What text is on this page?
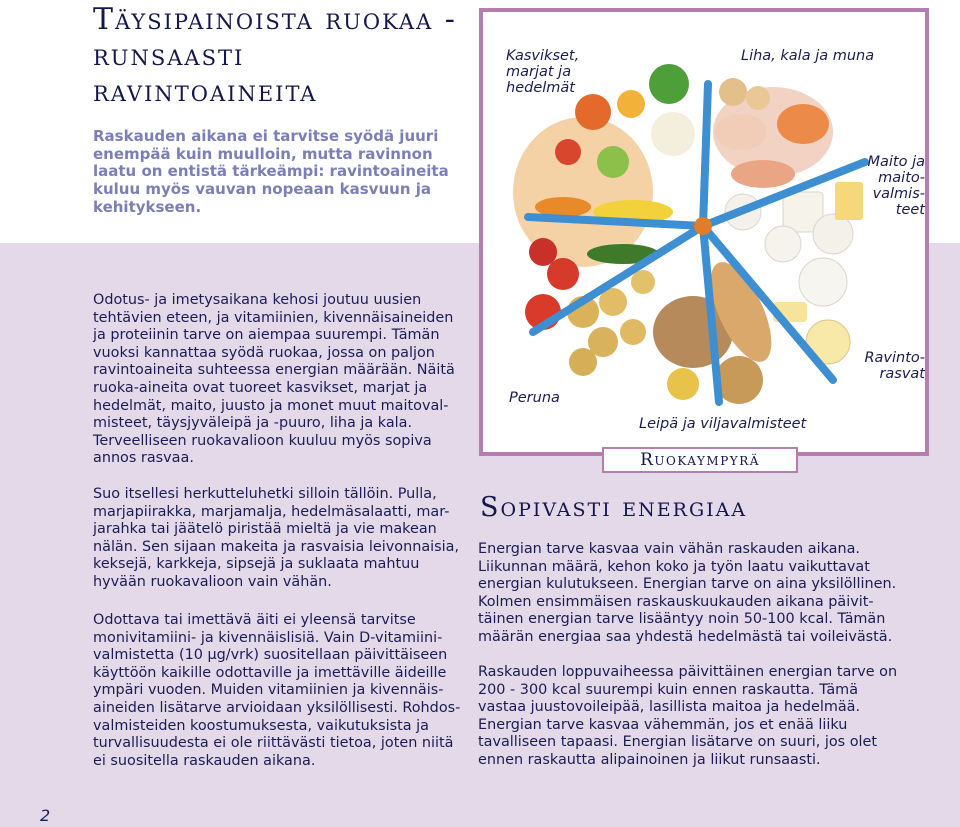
Täysipainoista ruokaa - runsaasti ravintoaineita

Raskauden aikana ei tarvitse syödä juuri enempää kuin muulloin, mutta ravinnon laatu on entistä tärkeämpi: ravintoaineita kuluu myös vauvan nopeaan kasvuun ja kehitykseen.

Odotus- ja imetysaikana kehosi joutuu uusien tehtävien eteen, ja vitamiinien, kivennäisaineiden ja proteiinin tarve on aiempaa suurempi. Tämän vuoksi kannattaa syödä ruokaa, jossa on paljon ravintoaineita suhteessa energian määrään. Näitä ruoka-aineita ovat tuoreet kasvikset, marjat ja hedelmät, maito, juusto ja monet muut maitoval-misteet, täysjyväleipä ja -puuro, liha ja kala. Terveelliseen ruokavalioon kuuluu myös sopiva annos rasvaa.

Suo itsellesi herkutteluhetki silloin tällöin. Pulla, marjapiirakka, marjamalja, hedelmäsalaatti, mar-jarahka tai jäätelö piristää mieltä ja vie makean nälän. Sen sijaan makeita ja rasvaisia leivonnaisia, keksejä, karkkeja, sipsejä ja suklaata mahtuu hyvään ruokavalioon vain vähän.

Odottava tai imettävä äiti ei yleensä tarvitse monivitamiini- ja kivennäislisiä. Vain D-vitamiini-valmistetta (10 µg/vrk) suositellaan päivittäiseen käyttöön kaikille odottaville ja imettäville äideille ympäri vuoden. Muiden vitamiinien ja kivennäis-aineiden lisätarve arvioidaan yksilöllisesti. Rohdos-valmisteiden koostumuksesta, vaikutuksista ja turvallisuudesta ei ole riittävästi tietoa, joten niitä ei suositella raskauden aikana.

Kasvikset, marjat ja hedelmät
Liha, kala ja muna
Maito ja maito-valmis-teet
Ravinto-rasvat
Leipä ja viljavalmisteet
Peruna
Ruokaympyrä
Sopivasti energiaa

Energian tarve kasvaa vain vähän raskauden aikana. Liikunnan määrä, kehon koko ja työn laatu vaikuttavat energian kulutukseen. Energian tarve on aina yksilöllinen. Kolmen ensimmäisen raskauskuukauden aikana päivit-täinen energian tarve lisääntyy noin 50-100 kcal. Tämän määrän energiaa saa yhdestä hedelmästä tai voileivästä.

Raskauden loppuvaiheessa päivittäinen energian tarve on 200 - 300 kcal suurempi kuin ennen raskautta. Tämä vastaa juustovoileipää, lasillista maitoa ja hedelmää. Energian tarve kasvaa vähemmän, jos et enää liiku tavalliseen tapaasi. Energian lisätarve on suuri, jos olet ennen raskautta alipainoinen ja liikut runsaasti.

2
